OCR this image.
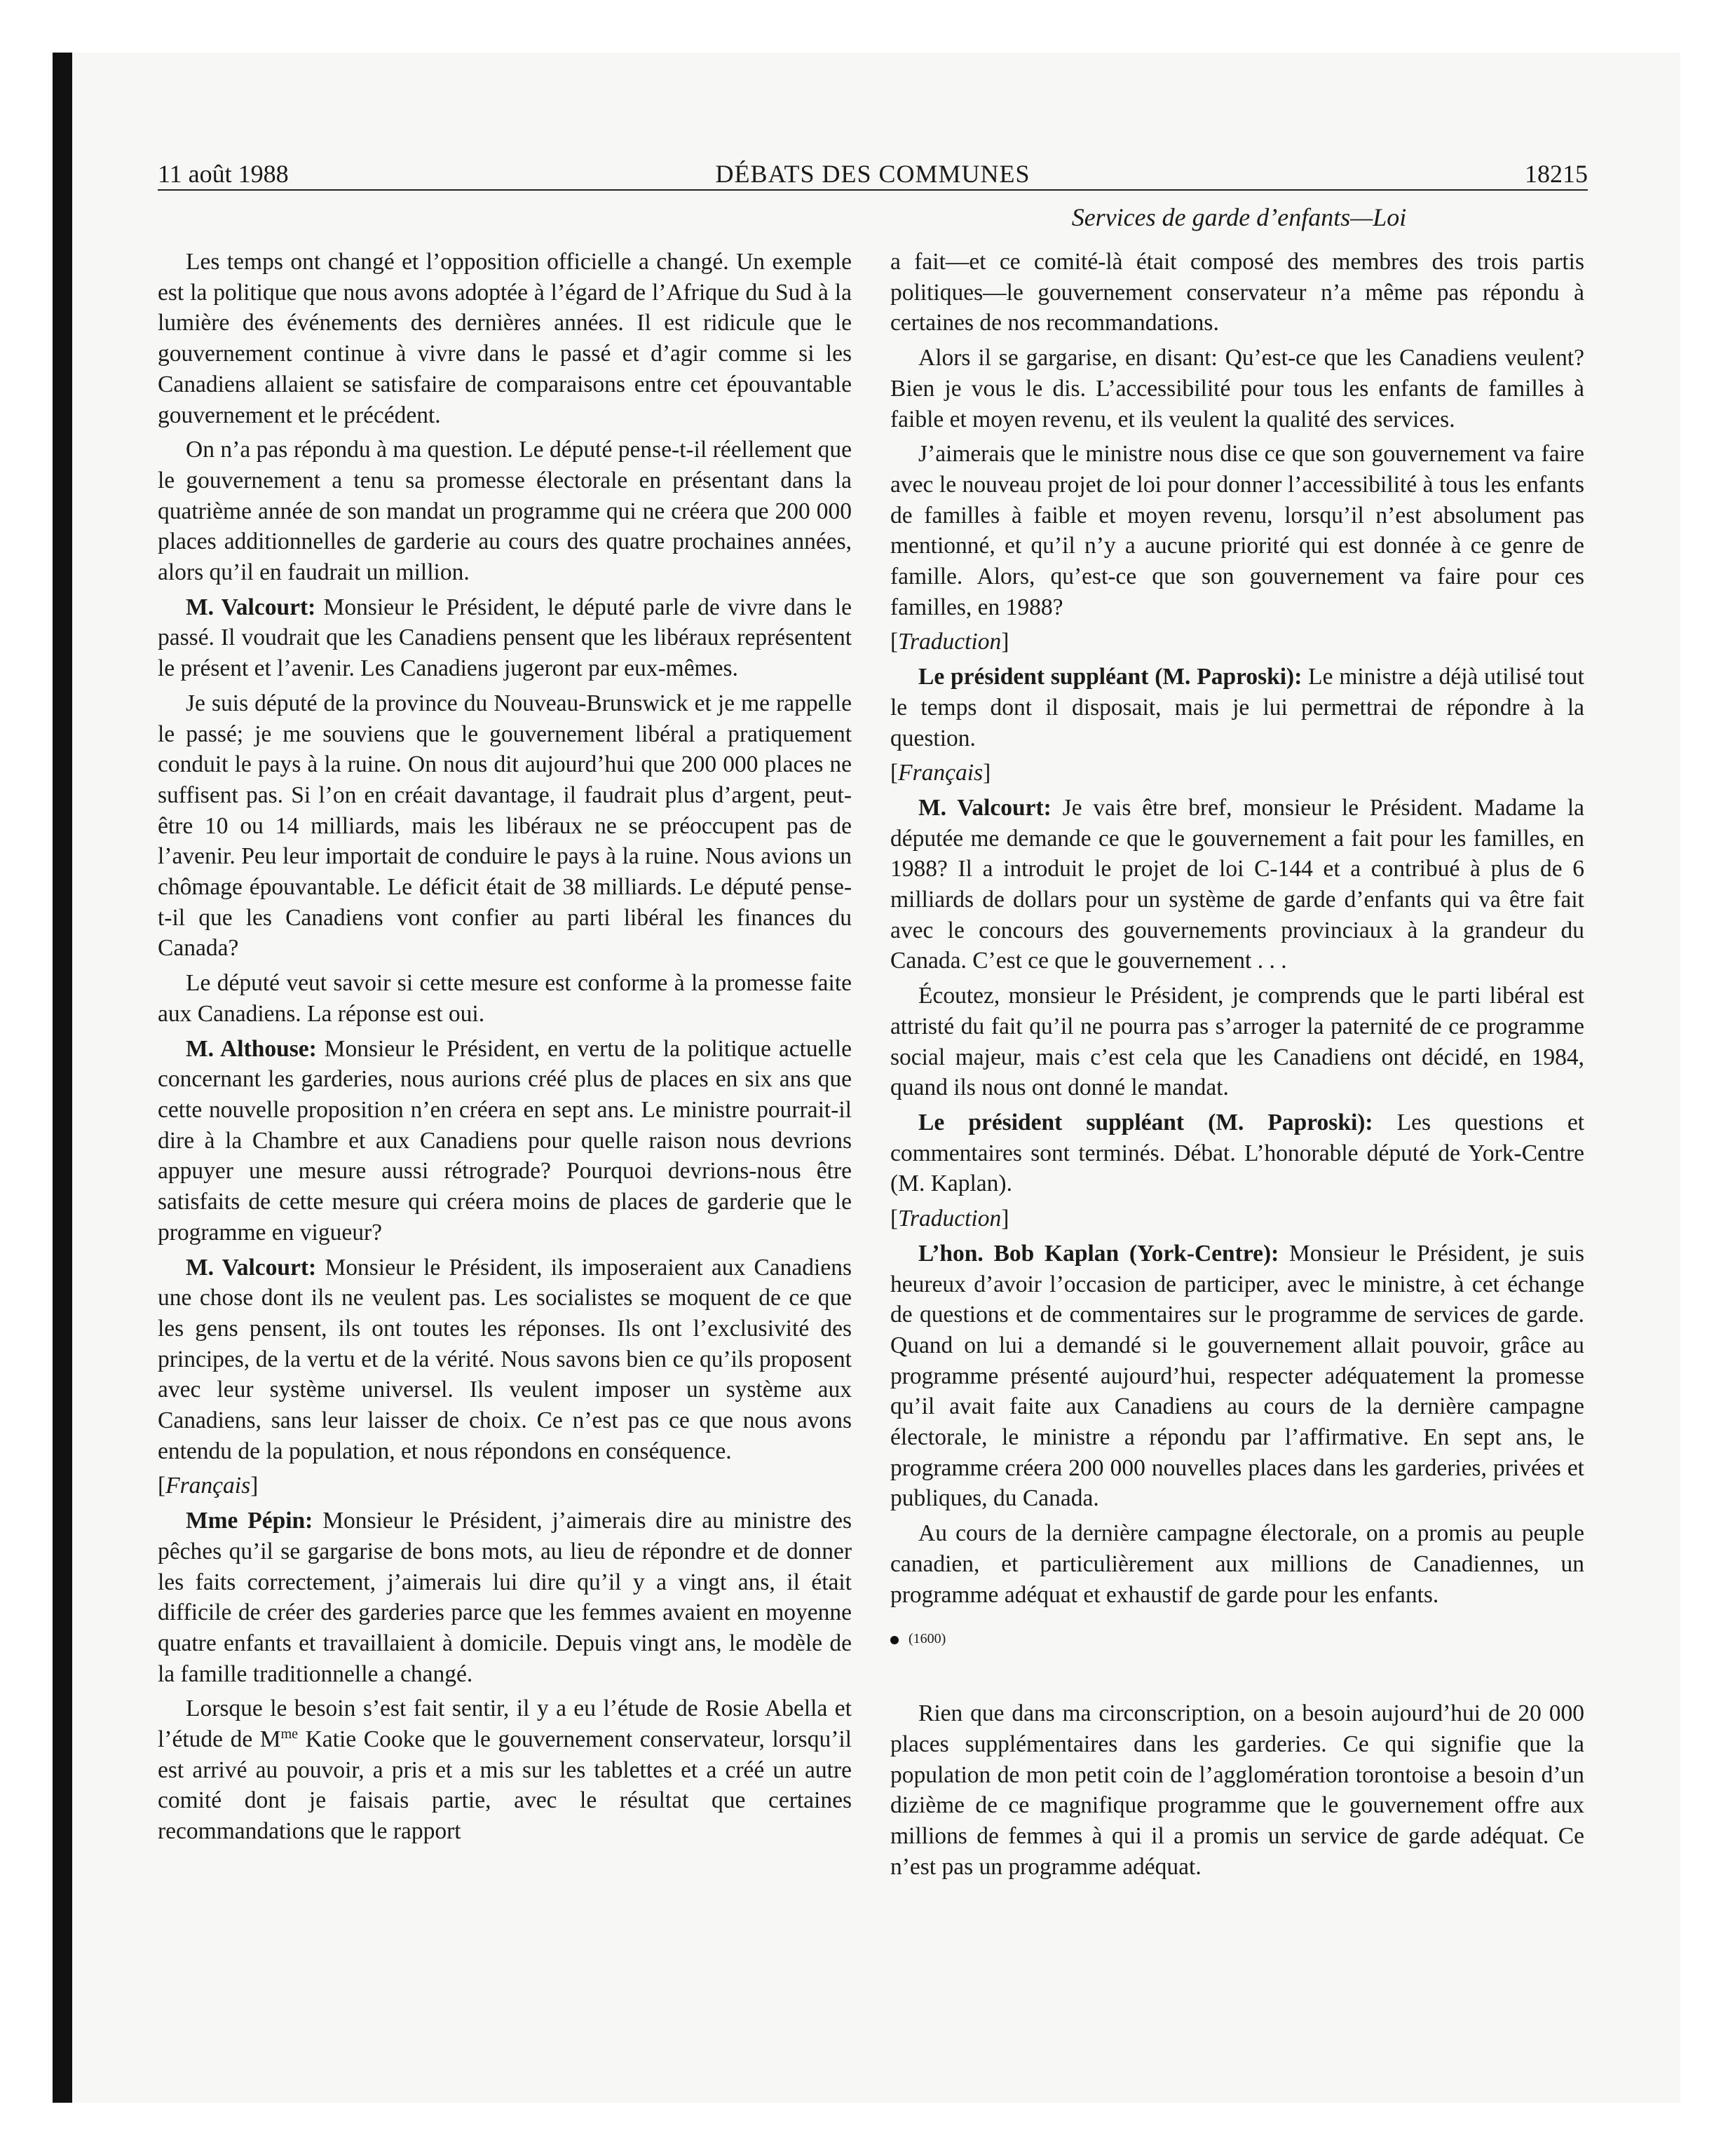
11 août 1988	DÉBATS DES COMMUNES	18215
Services de garde d’enfants—Loi

Les temps ont changé et l’opposition officielle a changé. Un exemple est la politique que nous avons adoptée à l’égard de l’Afrique du Sud à la lumière des événements des dernières années. Il est ridicule que le gouvernement continue à vivre dans le passé et d’agir comme si les Canadiens allaient se satisfaire de comparaisons entre cet épouvantable gouvernement et le précédent.

On n’a pas répondu à ma question. Le député pense-t-il réellement que le gouvernement a tenu sa promesse électorale en présentant dans la quatrième année de son mandat un programme qui ne créera que 200 000 places additionnelles de garderie au cours des quatre prochaines années, alors qu’il en faudrait un million.

M. Valcourt: Monsieur le Président, le député parle de vivre dans le passé. Il voudrait que les Canadiens pensent que les libéraux représentent le présent et l’avenir. Les Canadiens jugeront par eux-mêmes.

Je suis député de la province du Nouveau-Brunswick et je me rappelle le passé; je me souviens que le gouvernement libéral a pratiquement conduit le pays à la ruine. On nous dit aujourd’hui que 200 000 places ne suffisent pas. Si l’on en créait davantage, il faudrait plus d’argent, peut-être 10 ou 14 milliards, mais les libéraux ne se préoccupent pas de l’avenir. Peu leur importait de conduire le pays à la ruine. Nous avions un chômage épouvantable. Le déficit était de 38 milliards. Le député pense-t-il que les Canadiens vont confier au parti libéral les finances du Canada?

Le député veut savoir si cette mesure est conforme à la promesse faite aux Canadiens. La réponse est oui.

M. Althouse: Monsieur le Président, en vertu de la politique actuelle concernant les garderies, nous aurions créé plus de places en six ans que cette nouvelle proposition n’en créera en sept ans. Le ministre pourrait-il dire à la Chambre et aux Canadiens pour quelle raison nous devrions appuyer une mesure aussi rétrograde? Pourquoi devrions-nous être satisfaits de cette mesure qui créera moins de places de garderie que le programme en vigueur?

M. Valcourt: Monsieur le Président, ils imposeraient aux Canadiens une chose dont ils ne veulent pas. Les socialistes se moquent de ce que les gens pensent, ils ont toutes les réponses. Ils ont l’exclusivité des principes, de la vertu et de la vérité. Nous savons bien ce qu’ils proposent avec leur système universel. Ils veulent imposer un système aux Canadiens, sans leur laisser de choix. Ce n’est pas ce que nous avons entendu de la population, et nous répondons en conséquence.

[Français]

Mme Pépin: Monsieur le Président, j’aimerais dire au ministre des pêches qu’il se gargarise de bons mots, au lieu de répondre et de donner les faits correctement, j’aimerais lui dire qu’il y a vingt ans, il était difficile de créer des garderies parce que les femmes avaient en moyenne quatre enfants et travaillaient à domicile. Depuis vingt ans, le modèle de la famille traditionnelle a changé.

Lorsque le besoin s’est fait sentir, il y a eu l’étude de Rosie Abella et l’étude de $M^{me}$ Katie Cooke que le gouvernement conservateur, lorsqu’il est arrivé au pouvoir, a pris et a mis sur les tablettes et a créé un autre comité dont je faisais partie, avec le résultat que certaines recommandations que le rapport

a fait—et ce comité-là était composé des membres des trois partis politiques—le gouvernement conservateur n’a même pas répondu à certaines de nos recommandations.

Alors il se gargarise, en disant: Qu’est-ce que les Canadiens veulent? Bien je vous le dis. L’accessibilité pour tous les enfants de familles à faible et moyen revenu, et ils veulent la qualité des services.

J’aimerais que le ministre nous dise ce que son gouvernement va faire avec le nouveau projet de loi pour donner l’accessibilité à tous les enfants de familles à faible et moyen revenu, lorsqu’il n’est absolument pas mentionné, et qu’il n’y a aucune priorité qui est donnée à ce genre de famille. Alors, qu’est-ce que son gouvernement va faire pour ces familles, en 1988?

[Traduction]

Le président suppléant (M. Paproski): Le ministre a déjà utilisé tout le temps dont il disposait, mais je lui permettrai de répondre à la question.

[Français]

M. Valcourt: Je vais être bref, monsieur le Président. Madame la députée me demande ce que le gouvernement a fait pour les familles, en 1988? Il a introduit le projet de loi C-144 et a contribué à plus de 6 milliards de dollars pour un système de garde d’enfants qui va être fait avec le concours des gouvernements provinciaux à la grandeur du Canada. C’est ce que le gouvernement . . .

Écoutez, monsieur le Président, je comprends que le parti libéral est attristé du fait qu’il ne pourra pas s’arroger la paternité de ce programme social majeur, mais c’est cela que les Canadiens ont décidé, en 1984, quand ils nous ont donné le mandat.

Le président suppléant (M. Paproski): Les questions et commentaires sont terminés. Débat. L’honorable député de York-Centre (M. Kaplan).

[Traduction]

L’hon. Bob Kaplan (York-Centre): Monsieur le Président, je suis heureux d’avoir l’occasion de participer, avec le ministre, à cet échange de questions et de commentaires sur le programme de services de garde. Quand on lui a demandé si le gouvernement allait pouvoir, grâce au programme présenté aujourd’hui, respecter adéquatement la promesse qu’il avait faite aux Canadiens au cours de la dernière campagne électorale, le ministre a répondu par l’affirmative. En sept ans, le programme créera 200 000 nouvelles places dans les garderies, privées et publiques, du Canada.

Au cours de la dernière campagne électorale, on a promis au peuple canadien, et particulièrement aux millions de Canadiennes, un programme adéquat et exhaustif de garde pour les enfants.

(1600)

Rien que dans ma circonscription, on a besoin aujourd’hui de 20 000 places supplémentaires dans les garderies. Ce qui signifie que la population de mon petit coin de l’agglomération torontoise a besoin d’un dizième de ce magnifique programme que le gouvernement offre aux millions de femmes à qui il a promis un service de garde adéquat. Ce n’est pas un programme adéquat.
